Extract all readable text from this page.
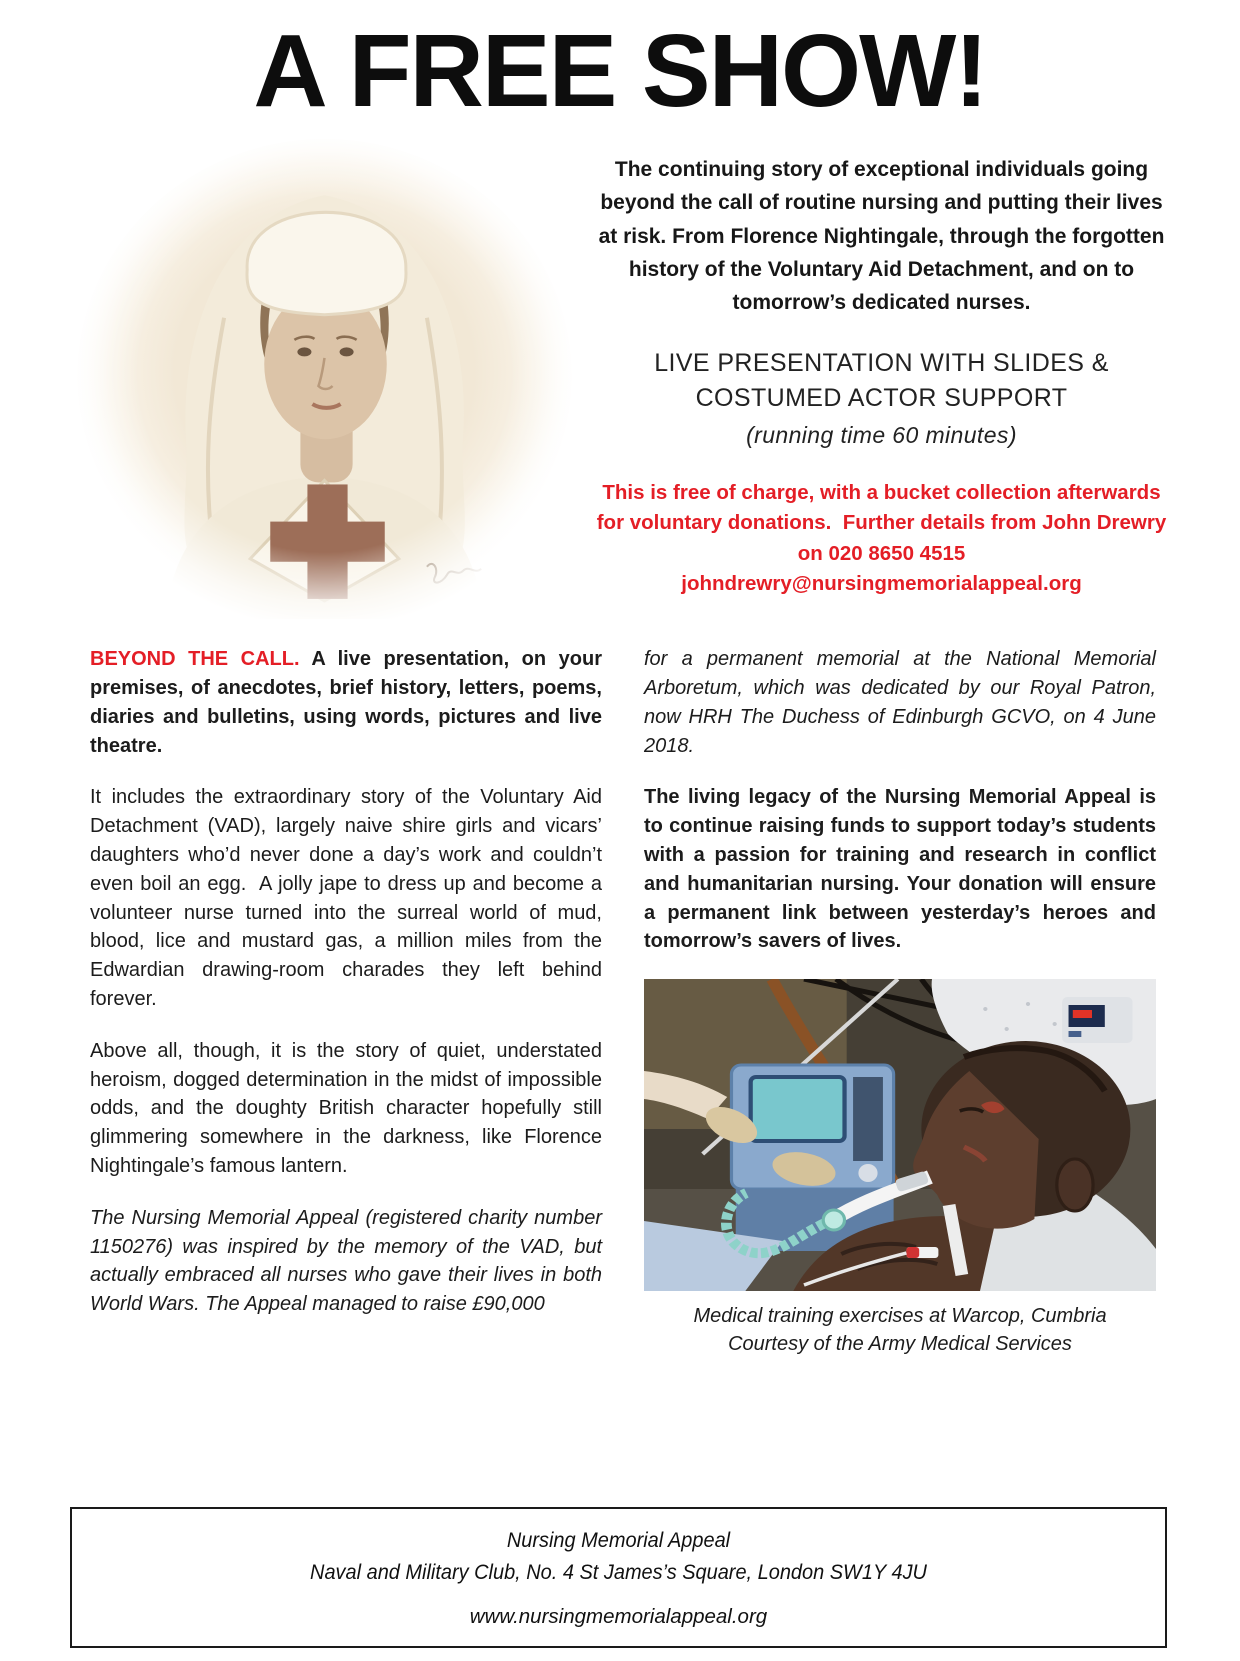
A FREE SHOW!
The continuing story of exceptional individuals going beyond the call of routine nursing and putting their lives at risk. From Florence Nightingale, through the forgotten history of the Voluntary Aid Detachment, and on to tomorrow’s dedicated nurses.
LIVE PRESENTATION WITH SLIDES &
COSTUMED ACTOR SUPPORT
(running time 60 minutes)
This is free of charge, with a bucket collection afterwards for voluntary donations.  Further details from John Drewry on 020 8650 4515
johndrewry@nursingmemorialappeal.org

BEYOND THE CALL. A live presentation, on your premises, of anecdotes, brief history, letters, poems, diaries and bulletins, using words, pictures and live theatre.

It includes the extraordinary story of the Voluntary Aid Detachment (VAD), largely naive shire girls and vicars’ daughters who’d never done a day’s work and couldn’t even boil an egg.  A jolly jape to dress up and become a volunteer nurse turned into the surreal world of mud, blood, lice and mustard gas, a million miles from the Edwardian drawing-room charades they left behind forever.

Above all, though, it is the story of quiet, understated heroism, dogged determination in the midst of impossible odds, and the doughty British character hopefully still glimmering somewhere in the darkness, like Florence Nightingale’s famous lantern.

The Nursing Memorial Appeal (registered charity number 1150276) was inspired by the memory of the VAD, but actually embraced all nurses who gave their lives in both World Wars. The Appeal managed to raise £90,000

for a permanent memorial at the National Memorial Arboretum, which was dedicated by our Royal Patron, now HRH The Duchess of Edinburgh GCVO, on 4 June 2018.

The living legacy of the Nursing Memorial Appeal is to continue raising funds to support today’s students with a passion for training and research in conflict and humanitarian nursing. Your donation will ensure a permanent link between yesterday’s heroes and tomorrow’s savers of lives.

Medical training exercises at Warcop, Cumbria
Courtesy of the Army Medical Services
Nursing Memorial Appeal
Naval and Military Club, No. 4 St James’s Square, London SW1Y 4JU
www.nursingmemorialappeal.org
